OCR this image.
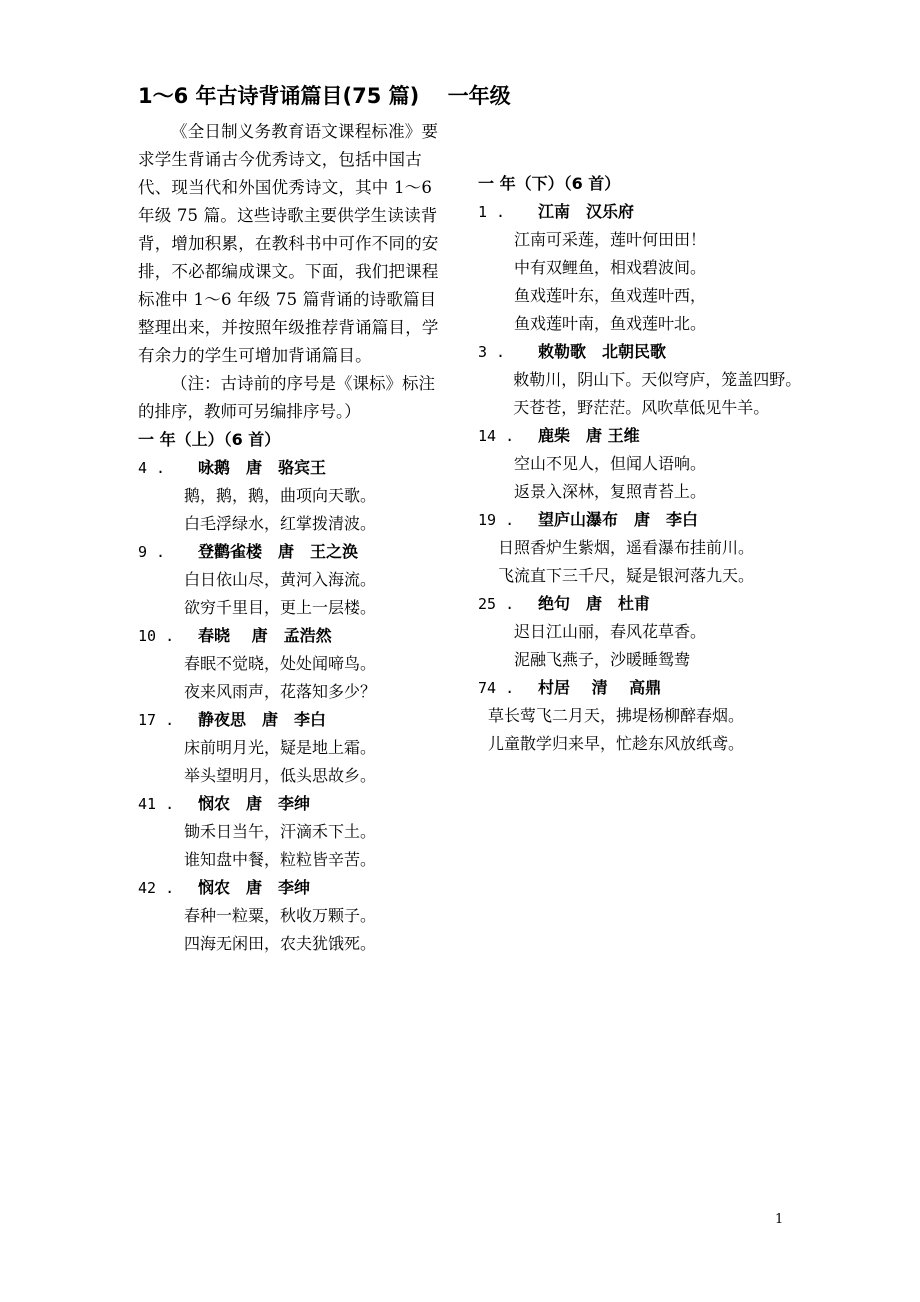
1～6 年古诗背诵篇目(75 篇)　 一年级

《全日制义务教育语文课程标准》要求学生背诵古今优秀诗文，包括中国古代、现当代和外国优秀诗文，其中 1～6 年级 75 篇。这些诗歌主要供学生读读背背，增加积累，在教科书中可作不同的安排，不必都编成课文。下面，我们把课程标准中 1～6 年级 75 篇背诵的诗歌篇目整理出来，并按照年级推荐背诵篇目，学有余力的学生可增加背诵篇目。

（注：古诗前的序号是《课标》标注的排序，教师可另编排序号。）

一 年（上）（6 首）

4 .	咏鹅　唐　骆宾王
鹅，鹅，鹅，曲项向天歌。
白毛浮绿水，红掌拨清波。
9 .	登鹳雀楼　唐　王之涣
白日依山尽，黄河入海流。
欲穷千里目，更上一层楼。
10 .	春晓　 唐　孟浩然
春眠不觉晓，处处闻啼鸟。
夜来风雨声，花落知多少？
17 .	静夜思　唐　李白
床前明月光，疑是地上霜。
举头望明月，低头思故乡。
41 .	悯农　唐　李绅
锄禾日当午，汗滴禾下土。
谁知盘中餐，粒粒皆辛苦。
42 .	悯农　唐　李绅
春种一粒粟，秋收万颗子。
四海无闲田，农夫犹饿死。

一 年（下）（6 首）

1 .	江南　汉乐府
江南可采莲，莲叶何田田！
中有双鲤鱼，相戏碧波间。
鱼戏莲叶东，鱼戏莲叶西，
鱼戏莲叶南，鱼戏莲叶北。
3 .	敕勒歌　北朝民歌
敕勒川，阴山下。天似穹庐，笼盖四野。
天苍苍，野茫茫。风吹草低见牛羊。
14 .	鹿柴　唐 王维
空山不见人，但闻人语响。
返景入深林，复照青苔上。
19 .	望庐山瀑布　唐　李白
日照香炉生紫烟，遥看瀑布挂前川。
飞流直下三千尺，疑是银河落九天。
25 .	绝句　唐　杜甫
迟日江山丽，春风花草香。
泥融飞燕子，沙暖睡鸳鸯
74 .	村居　 清　 高鼎
草长莺飞二月天，拂堤杨柳醉春烟。
儿童散学归来早，忙趁东风放纸鸢。
1
